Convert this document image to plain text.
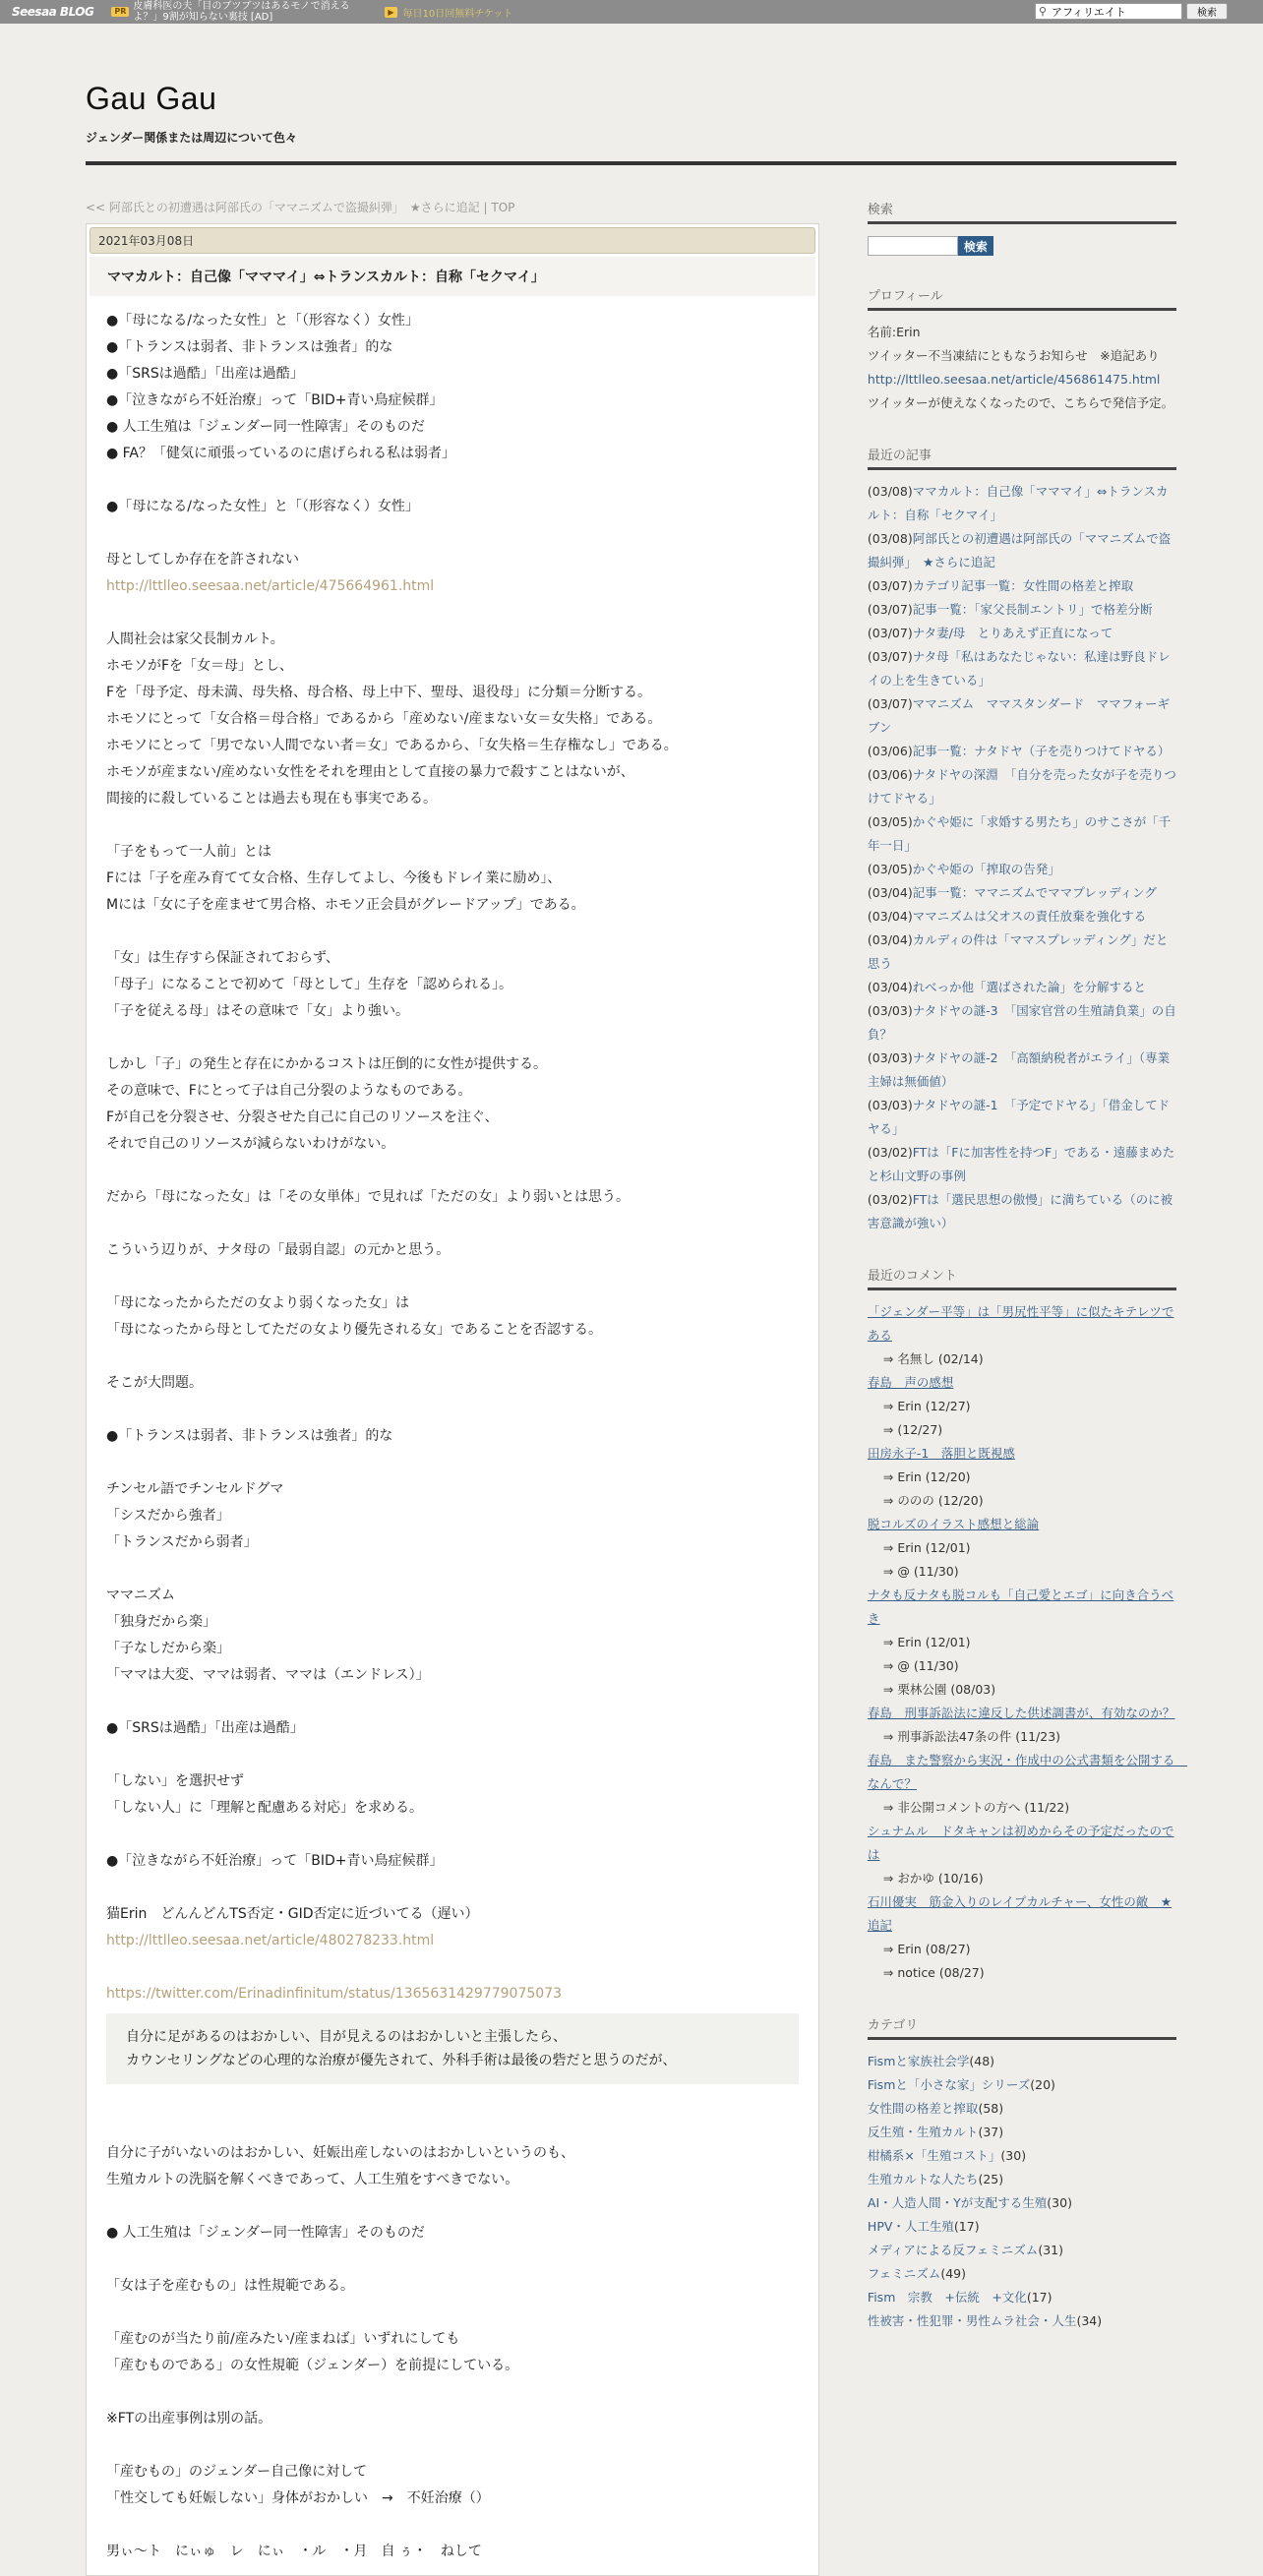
Seesaa BLOG	PR 皮膚科医の夫「目のブツブツはあるモノで消えるよ？」9割が知らない裏技 [AD]	▶ 毎日10日回無料チケット	⚲
アフィリエイト	検索
Gau Gau
ジェンダー関係または周辺について色々
<< 阿部氏との初遭遇は阿部氏の「ママニズムで盗撮糾弾」　★さらに追記 | TOP
2021年03月08日
ママカルト：自己像「マママイ」⇔トランスカルト：自称「セクマイ」
●「母になる/なった女性」と「（形容なく）女性」
●「トランスは弱者、非トランスは強者」的な
●「SRSは過酷」「出産は過酷」
●「泣きながら不妊治療」って「BID+青い鳥症候群」
● 人工生殖は「ジェンダー同一性障害」そのものだ
● FA？「健気に頑張っているのに虐げられる私は弱者」
●「母になる/なった女性」と「（形容なく）女性」
母としてしか存在を許されない
http://lttlleo.seesaa.net/article/475664961.html
人間社会は家父長制カルト。
ホモソがFを「女＝母」とし、
Fを「母予定、母未満、母失格、母合格、母上中下、聖母、退役母」に分類＝分断する。
ホモソにとって「女合格＝母合格」であるから「産めない/産まない女＝女失格」である。
ホモソにとって「男でない人間でない者＝女」であるから、「女失格＝生存権なし」である。
ホモソが産まない/産めない女性をそれを理由として直接の暴力で殺すことはないが、
間接的に殺していることは過去も現在も事実である。
「子をもって一人前」とは
Fには「子を産み育てて女合格、生存してよし、今後もドレイ業に励め」、
Mには「女に子を産ませて男合格、ホモソ正会員がグレードアップ」である。
「女」は生存すら保証されておらず、
「母子」になることで初めて「母として」生存を「認められる」。
「子を従える母」はその意味で「女」より強い。
しかし「子」の発生と存在にかかるコストは圧倒的に女性が提供する。
その意味で、Fにとって子は自己分裂のようなものである。
Fが自己を分裂させ、分裂させた自己に自己のリソースを注ぐ、
それで自己のリソースが減らないわけがない。
だから「母になった女」は「その女単体」で見れば「ただの女」より弱いとは思う。
こういう辺りが、ナタ母の「最弱自認」の元かと思う。
「母になったからただの女より弱くなった女」は
「母になったから母としてただの女より優先される女」であることを否認する。
そこが大問題。
●「トランスは弱者、非トランスは強者」的な
チンセル語でチンセルドグマ
「シスだから強者」
「トランスだから弱者」
ママニズム
「独身だから楽」
「子なしだから楽」
「ママは大変、ママは弱者、ママは（エンドレス）」
●「SRSは過酷」「出産は過酷」
「しない」を選択せず
「しない人」に「理解と配慮ある対応」を求める。
●「泣きながら不妊治療」って「BID+青い鳥症候群」
猫Erin　どんんどんTS否定・GID否定に近づいてる（遅い）
http://lttlleo.seesaa.net/article/480278233.html
https://twitter.com/Erinadinfinitum/status/1365631429779075073
自分に足があるのはおかしい、目が見えるのはおかしいと主張したら、
カウンセリングなどの心理的な治療が優先されて、外科手術は最後の砦だと思うのだが、
自分に子がいないのはおかしい、妊娠出産しないのはおかしいというのも、
生殖カルトの洗脳を解くべきであって、人工生殖をすべきでない。
● 人工生殖は「ジェンダー同一性障害」そのものだ
「女は子を産むもの」は性規範である。
「産むのが当たり前/産みたい/産まねば」いずれにしても
「産むものである」の女性規範（ジェンダー）を前提にしている。
※FTの出産事例は別の話。
「産むもの」のジェンダー自己像に対して
「性交しても妊娠しない」身体がおかしい　→　不妊治療（）
男ぃ〜ト　にぃゅ　レ　にぃ　・ル　・月　自 ぅ・　ねして
検索
検索
プロフィール
名前:Erin
ツイッター不当凍結にともなうお知らせ　※追記あり
http://lttlleo.seesaa.net/article/456861475.html
ツイッターが使えなくなったので、こちらで発信予定。
最近の記事
(03/08)ママカルト：自己像「マママイ」⇔トランスカルト：自称「セクマイ」
(03/08)阿部氏との初遭遇は阿部氏の「ママニズムで盗撮糾弾」　★さらに追記
(03/07)カテゴリ記事一覧：女性間の格差と搾取
(03/07)記事一覧：「家父長制エントリ」で格差分断
(03/07)ナタ妻/母　とりあえず正直になって
(03/07)ナタ母「私はあなたじゃない：私達は野良ドレイの上を生きている」
(03/07)ママニズム　ママスタンダード　ママフォーギブン
(03/06)記事一覧：ナタドヤ（子を売りつけてドヤる）
(03/06)ナタドヤの深淵　「自分を売った女が子を売りつけてドヤる」
(03/05)かぐや姫に「求婚する男たち」のサこさが「千年一日」
(03/05)かぐや姫の「搾取の告発」
(03/04)記事一覧：ママニズムでママプレッディング
(03/04)ママニズムは父オスの責任放棄を強化する
(03/04)カルディの件は「ママスプレッディング」だと思う
(03/04)れべっか他「選ばされた論」を分解すると
(03/03)ナタドヤの謎-3　「国家官営の生殖請負業」の自負？
(03/03)ナタドヤの謎-2　「高額納税者がエライ」（専業主婦は無価値）
(03/03)ナタドヤの謎-1　「予定でドヤる」「借金してドヤる」
(03/02)FTは「Fに加害性を持つF」である・遠藤まめたと杉山文野の事例
(03/02)FTは「選民思想の傲慢」に満ちている（のに被害意識が強い）
最近のコメント
「ジェンダー平等」は「男尻性平等」に似たキテレツである
⇒ 名無し (02/14)
春島　声の感想
⇒ Erin (12/27)
⇒ (12/27)
田房永子-1　落胆と既視感
⇒ Erin (12/20)
⇒ ののの (12/20)
脱コルズのイラスト感想と総論
⇒ Erin (12/01)
⇒ @ (11/30)
ナタも反ナタも脱コルも「自己愛とエゴ」に向き合うべき
⇒ Erin (12/01)
⇒ @ (11/30)
⇒ 栗林公園 (08/03)
春島　刑事訴訟法に違反した供述調書が、有効なのか？
⇒ 刑事訴訟法47条の件 (11/23)
春島　また警察から実況・作成中の公式書類を公開する　なんで？
⇒ 非公開コメントの方へ (11/22)
シュナムル　ドタキャンは初めからその予定だったのでは
⇒ おかゆ (10/16)
石川優実　筋金入りのレイプカルチャー、女性の敵　★追記
⇒ Erin (08/27)
⇒ notice (08/27)
カテゴリ
Fismと家族社会学(48)
Fismと「小さな家」シリーズ(20)
女性間の格差と搾取(58)
反生殖・生殖カルト(37)
柑橘系×「生殖コスト」(30)
生殖カルトな人たち(25)
AI・人造人間・Yが支配する生殖(30)
HPV・人工生殖(17)
メディアによる反フェミニズム(31)
フェミニズム(49)
Fism　宗教　+伝統　+文化(17)
性被害・性犯罪・男性ムラ社会・人生(34)
